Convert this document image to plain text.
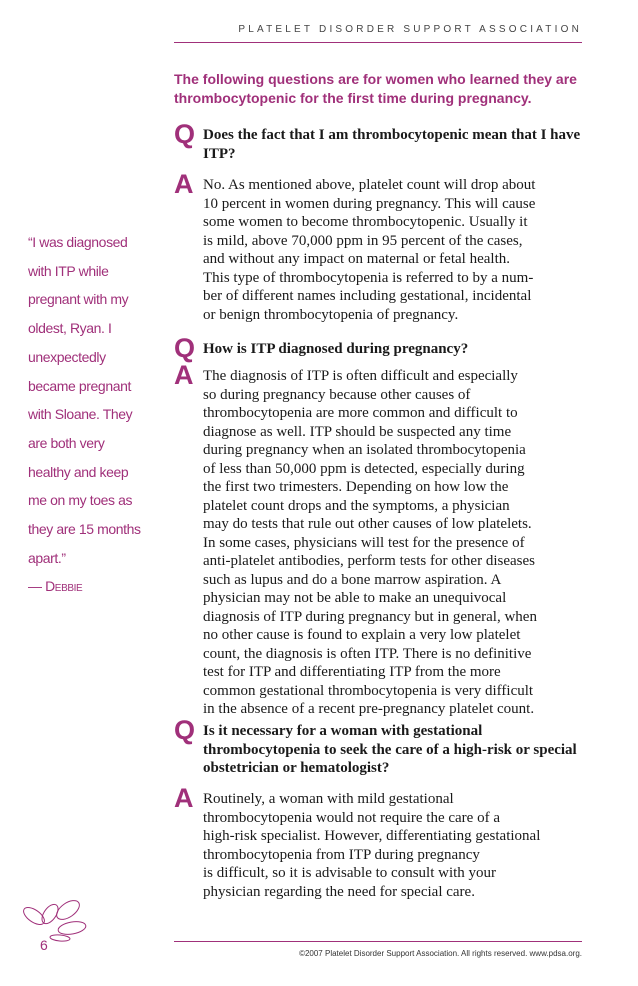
PLATELET DISORDER SUPPORT ASSOCIATION
The following questions are for women who learned they are thrombocytopenic for the first time during pregnancy.
Q Does the fact that I am thrombocytopenic mean that I have ITP?
A No. As mentioned above, platelet count will drop about
10 percent in women during pregnancy. This will cause
some women to become thrombocytopenic. Usually it
is mild, above 70,000 ppm in 95 percent of the cases,
and without any impact on maternal or fetal health.
This type of thrombocytopenia is referred to by a num-
ber of different names including gestational, incidental
or benign thrombocytopenia of pregnancy.
Q How is ITP diagnosed during pregnancy?
A The diagnosis of ITP is often difficult and especially
so during pregnancy because other causes of
thrombocytopenia are more common and difficult to
diagnose as well. ITP should be suspected any time
during pregnancy when an isolated thrombocytopenia
of less than 50,000 ppm is detected, especially during
the first two trimesters. Depending on how low the
platelet count drops and the symptoms, a physician
may do tests that rule out other causes of low platelets.
In some cases, physicians will test for the presence of
anti-platelet antibodies, perform tests for other diseases
such as lupus and do a bone marrow aspiration. A
physician may not be able to make an unequivocal
diagnosis of ITP during pregnancy but in general, when
no other cause is found to explain a very low platelet
count, the diagnosis is often ITP. There is no definitive
test for ITP and differentiating ITP from the more
common gestational thrombocytopenia is very difficult
in the absence of a recent pre-pregnancy platelet count.
Q Is it necessary for a woman with gestational thrombocytopenia to seek the care of a high-risk or special obstetrician or hematologist?
A Routinely, a woman with mild gestational
thrombocytopenia would not require the care of a
high-risk specialist. However, differentiating gestational
thrombocytopenia from ITP during pregnancy
is difficult, so it is advisable to consult with your
physician regarding the need for special care.
“I was diagnosed with ITP while pregnant with my oldest, Ryan. I unexpectedly became pregnant with Sloane. They are both very healthy and keep me on my toes as they are 15 months apart.”
— Debbie
6
©2007 Platelet Disorder Support Association. All rights reserved. www.pdsa.org.
